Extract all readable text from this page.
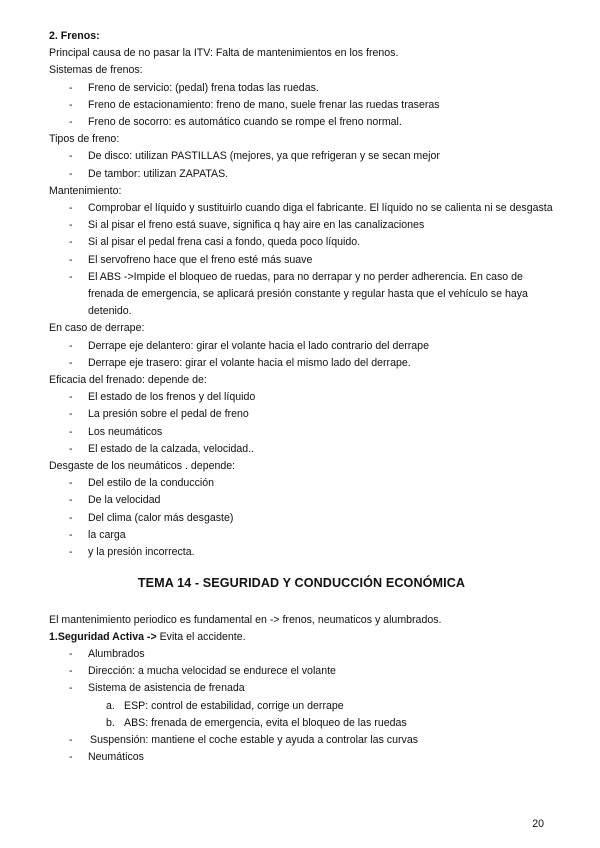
2. Frenos:

Principal causa de no pasar la ITV: Falta de mantenimientos en los frenos.

Sistemas de frenos:

- Freno de servicio: (pedal) frena todas las ruedas.
- Freno de estacionamiento: freno de mano, suele frenar las ruedas traseras
- Freno de socorro: es automático cuando se rompe el freno normal.

Tipos de freno:

- De disco: utilizan PASTILLAS (mejores, ya que refrigeran y se secan mejor
- De tambor: utilizan ZAPATAS.

Mantenimiento:

- Comprobar el líquido y sustituirlo cuando diga el fabricante. El líquido no se calienta ni se desgasta
- Si al pisar el freno está suave, significa q hay aire en las canalizaciones
- Si al pisar el pedal frena casi a fondo, queda poco líquido.
- El servofreno hace que el freno esté más suave
- El ABS ->Impide el bloqueo de ruedas, para no derrapar y no perder adherencia. En caso de frenada de emergencia, se aplicará presión constante y regular hasta que el vehículo se haya detenido.

En caso de derrape:

- Derrape eje delantero: girar el volante hacia el lado contrario del derrape
- Derrape eje trasero: girar el volante hacia el mismo lado del derrape.

Eficacia del frenado: depende de:

- El estado de los frenos y del líquido
- La presión sobre el pedal de freno
- Los neumáticos
- El estado de la calzada, velocidad..

Desgaste de los neumáticos . depende:

- Del estilo de la conducción
- De la velocidad
- Del clima (calor más desgaste)
- la carga
- y la presión incorrecta.

TEMA 14 - SEGURIDAD Y CONDUCCIÓN ECONÓMICA

El mantenimiento periodico es fundamental en -> frenos, neumaticos y alumbrados.

1.Seguridad Activa -> Evita el accidente.

- Alumbrados
- Dirección: a mucha velocidad se endurece el volante
- Sistema de asistencia de frenada
a. ESP: control de estabilidad, corrige un derrape
b. ABS: frenada de emergencia, evita el bloqueo de las ruedas
- Suspensión: mantiene el coche estable y ayuda a controlar las curvas
- Neumáticos
20
